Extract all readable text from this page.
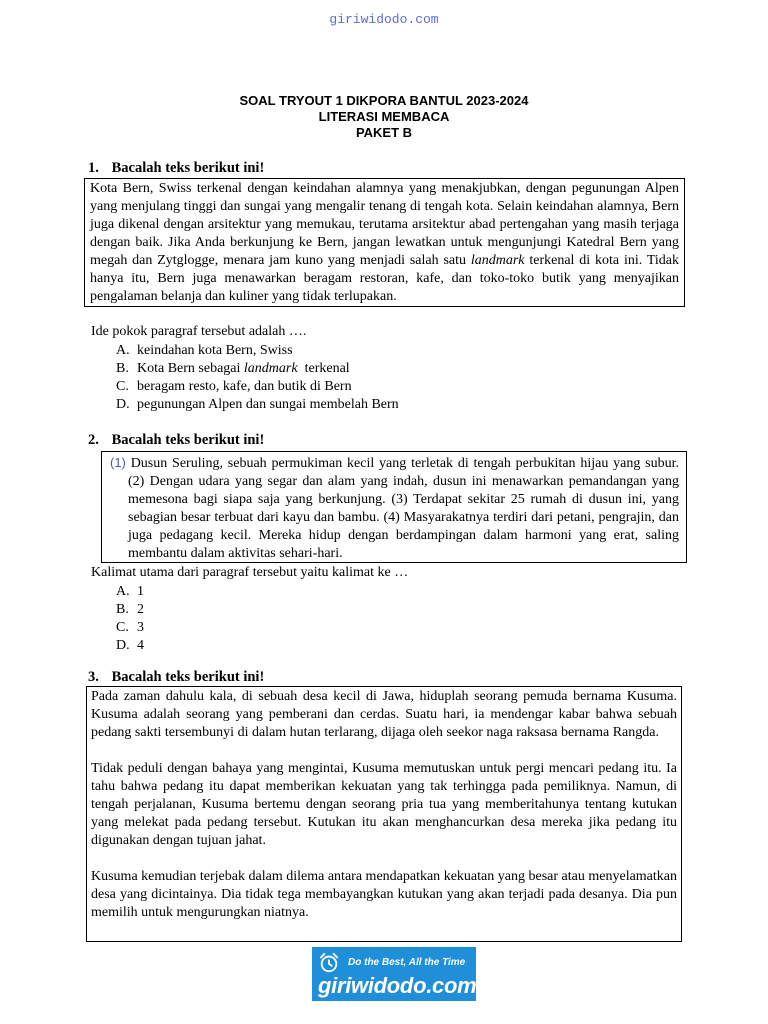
giriwidodo.com
SOAL TRYOUT 1 DIKPORA BANTUL 2023-2024
LITERASI MEMBACA
PAKET B
1. Bacalah teks berikut ini!

Kota Bern, Swiss terkenal dengan keindahan alamnya yang menakjubkan, dengan pegunungan Alpen yang menjulang tinggi dan sungai yang mengalir tenang di tengah kota. Selain keindahan alamnya, Bern juga dikenal dengan arsitektur yang memukau, terutama arsitektur abad pertengahan yang masih terjaga dengan baik. Jika Anda berkunjung ke Bern, jangan lewatkan untuk mengunjungi Katedral Bern yang megah dan Zytglogge, menara jam kuno yang menjadi salah satu landmark terkenal di kota ini. Tidak hanya itu, Bern juga menawarkan beragam restoran, kafe, dan toko-toko butik yang menyajikan pengalaman belanja dan kuliner yang tidak terlupakan.

Ide pokok paragraf tersebut adalah ….
A. keindahan kota Bern, Swiss
B. Kota Bern sebagai landmark  terkenal
C. beragam resto, kafe, dan butik di Bern
D. pegunungan Alpen dan sungai membelah Bern
2. Bacalah teks berikut ini!

(1) Dusun Seruling, sebuah permukiman kecil yang terletak di tengah perbukitan hijau yang subur. (2) Dengan udara yang segar dan alam yang indah, dusun ini menawarkan pemandangan yang memesona bagi siapa saja yang berkunjung. (3) Terdapat sekitar 25 rumah di dusun ini, yang sebagian besar terbuat dari kayu dan bambu. (4) Masyarakatnya terdiri dari petani, pengrajin, dan juga pedagang kecil. Mereka hidup dengan berdampingan dalam harmoni yang erat, saling membantu dalam aktivitas sehari-hari.

Kalimat utama dari paragraf tersebut yaitu kalimat ke …
A. 1
B. 2
C. 3
D. 4
3. Bacalah teks berikut ini!

Pada zaman dahulu kala, di sebuah desa kecil di Jawa, hiduplah seorang pemuda bernama Kusuma. Kusuma adalah seorang yang pemberani dan cerdas. Suatu hari, ia mendengar kabar bahwa sebuah pedang sakti tersembunyi di dalam hutan terlarang, dijaga oleh seekor naga raksasa bernama Rangda.

Tidak peduli dengan bahaya yang mengintai, Kusuma memutuskan untuk pergi mencari pedang itu. Ia tahu bahwa pedang itu dapat memberikan kekuatan yang tak terhingga pada pemiliknya. Namun, di tengah perjalanan, Kusuma bertemu dengan seorang pria tua yang memberitahunya tentang kutukan yang melekat pada pedang tersebut. Kutukan itu akan menghancurkan desa mereka jika pedang itu digunakan dengan tujuan jahat.

Kusuma kemudian terjebak dalam dilema antara mendapatkan kekuatan yang besar atau menyelamatkan desa yang dicintainya. Dia tidak tega membayangkan kutukan yang akan terjadi pada desanya. Dia pun memilih untuk mengurungkan niatnya.

Do the Best, All the Time
giriwidodo.com
